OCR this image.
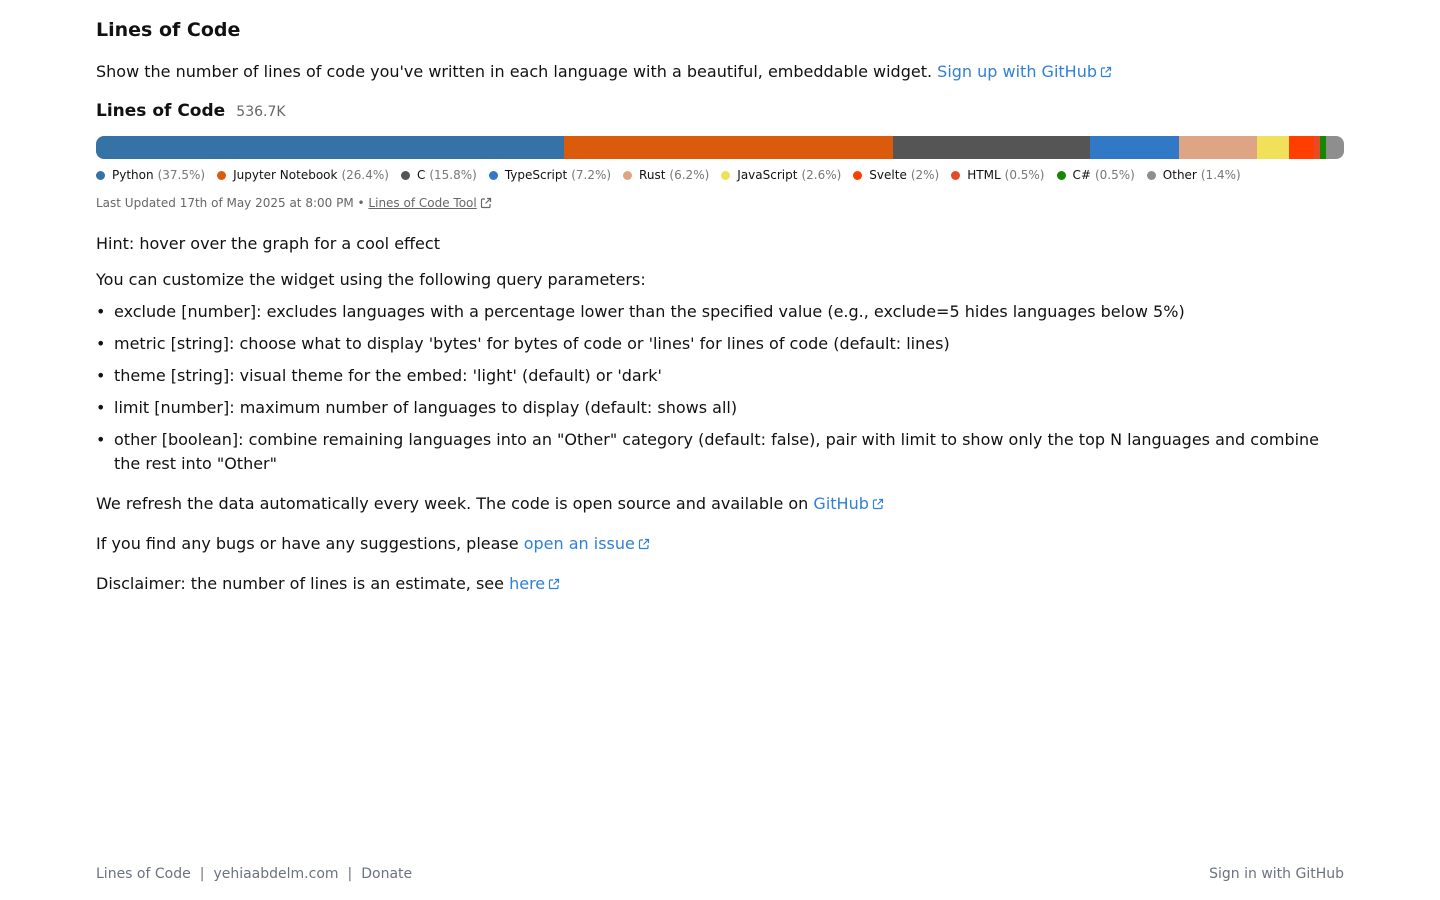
Lines of Code

Show the number of lines of code you've written in each language with a beautiful, embeddable widget. Sign up with GitHub

Lines of Code 536.7K
Python (37.5%) Jupyter Notebook (26.4%) C (15.8%) TypeScript (7.2%) Rust (6.2%) JavaScript (2.6%) Svelte (2%) HTML (0.5%) C# (0.5%) Other (1.4%)
Last Updated 17th of May 2025 at 8:00 PM • Lines of Code Tool

Hint: hover over the graph for a cool effect

You can customize the widget using the following query parameters:

• exclude [number]: excludes languages with a percentage lower than the specified value (e.g., exclude=5 hides languages below 5%)
• metric [string]: choose what to display 'bytes' for bytes of code or 'lines' for lines of code (default: lines)
• theme [string]: visual theme for the embed: 'light' (default) or 'dark'
• limit [number]: maximum number of languages to display (default: shows all)
• other [boolean]: combine remaining languages into an "Other" category (default: false), pair with limit to show only the top N languages and combine the rest into "Other"

We refresh the data automatically every week. The code is open source and available on GitHub

If you find any bugs or have any suggestions, please open an issue

Disclaimer: the number of lines is an estimate, see here

Lines of Code | yehiaabdelm.com | Donate	Sign in with GitHub
